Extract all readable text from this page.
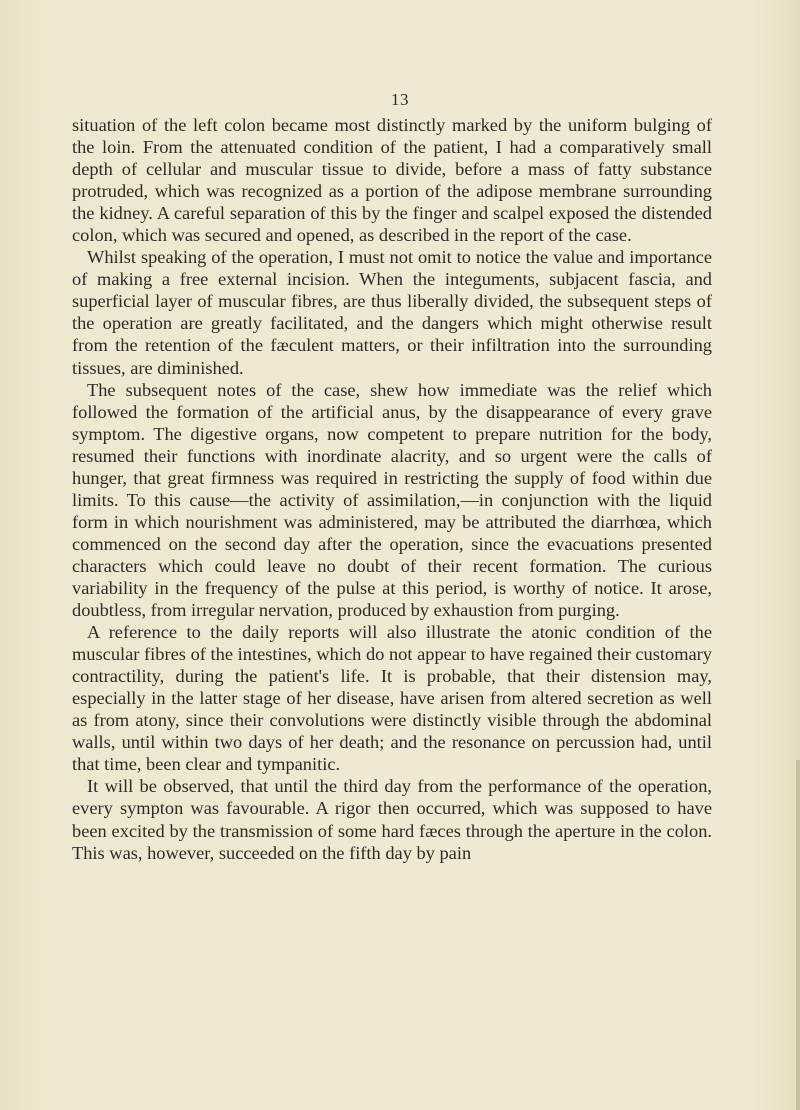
13

situation of the left colon became most distinctly marked by the uniform bulging of the loin. From the attenuated condition of the patient, I had a comparatively small depth of cellular and muscular tissue to divide, before a mass of fatty substance protruded, which was recognized as a portion of the adipose membrane surrounding the kidney. A careful separation of this by the finger and scalpel exposed the distended colon, which was secured and opened, as described in the report of the case.

Whilst speaking of the operation, I must not omit to notice the value and importance of making a free external incision. When the integuments, subjacent fascia, and superficial layer of muscular fibres, are thus liberally divided, the subsequent steps of the operation are greatly facilitated, and the dangers which might otherwise result from the retention of the fæculent matters, or their infiltration into the surrounding tissues, are diminished.

The subsequent notes of the case, shew how immediate was the relief which followed the formation of the artificial anus, by the disappearance of every grave symptom. The digestive organs, now competent to prepare nutrition for the body, resumed their functions with inordinate alacrity, and so urgent were the calls of hunger, that great firmness was required in restricting the supply of food within due limits. To this cause—the activity of assimilation,—in conjunction with the liquid form in which nourishment was administered, may be attributed the diarrhœa, which commenced on the second day after the operation, since the evacuations presented characters which could leave no doubt of their recent formation. The curious variability in the frequency of the pulse at this period, is worthy of notice. It arose, doubtless, from irregular nervation, produced by exhaustion from purging.

A reference to the daily reports will also illustrate the atonic condition of the muscular fibres of the intestines, which do not appear to have regained their customary contractility, during the patient's life. It is probable, that their distension may, especially in the latter stage of her disease, have arisen from altered secretion as well as from atony, since their convolutions were distinctly visible through the abdominal walls, until within two days of her death; and the resonance on percussion had, until that time, been clear and tympanitic.

It will be observed, that until the third day from the performance of the operation, every sympton was favourable. A rigor then occurred, which was supposed to have been excited by the transmission of some hard fæces through the aperture in the colon. This was, however, succeeded on the fifth day by pain
